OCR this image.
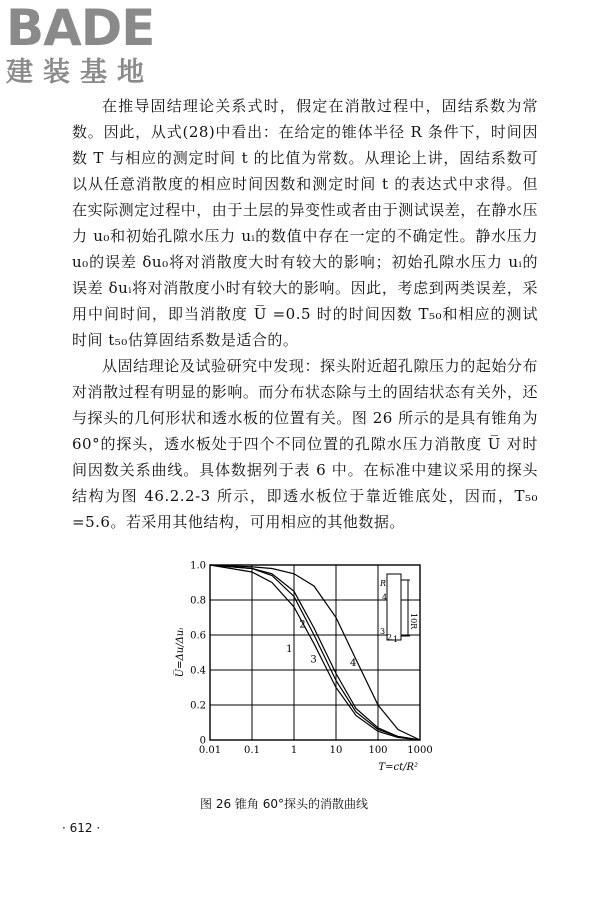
BADE
建装基地

在推导固结理论关系式时，假定在消散过程中，固结系数为常数。因此，从式(28)中看出：在给定的锥体半径 R 条件下，时间因数 T 与相应的测定时间 t 的比值为常数。从理论上讲，固结系数可以从任意消散度的相应时间因数和测定时间 t 的表达式中求得。但在实际测定过程中，由于土层的异变性或者由于测试误差，在静水压力 u₀和初始孔隙水压力 uᵢ的数值中存在一定的不确定性。静水压力 u₀的误差 δu₀将对消散度大时有较大的影响；初始孔隙水压力 uᵢ的误差 δuᵢ将对消散度小时有较大的影响。因此，考虑到两类误差，采用中间时间，即当消散度 U̅ =0.5 时的时间因数 T₅₀和相应的测试时间 t₅₀估算固结系数是适合的。

从固结理论及试验研究中发现：探头附近超孔隙压力的起始分布对消散过程有明显的影响。而分布状态除与土的固结状态有关外，还与探头的几何形状和透水板的位置有关。图 26 所示的是具有锥角为 60°的探头，透水板处于四个不同位置的孔隙水压力消散度 U̅ 对时间因数关系曲线。具体数据列于表 6 中。在标准中建议采用的探头结构为图 46.2.2-3 所示，即透水板位于靠近锥底处，因而，T₅₀ =5.6。若采用其他结构，可用相应的其他数据。

0.01 0.1	1	10	100 1000
0
0.2
0.4
0.6
0.8
1.0
1
2
3	4
R
4
10R
3
2 1
U̅=Δu/Δuᵢ
T=ct/R²
图 26 锥角 60°探头的消散曲线
· 612 ·
